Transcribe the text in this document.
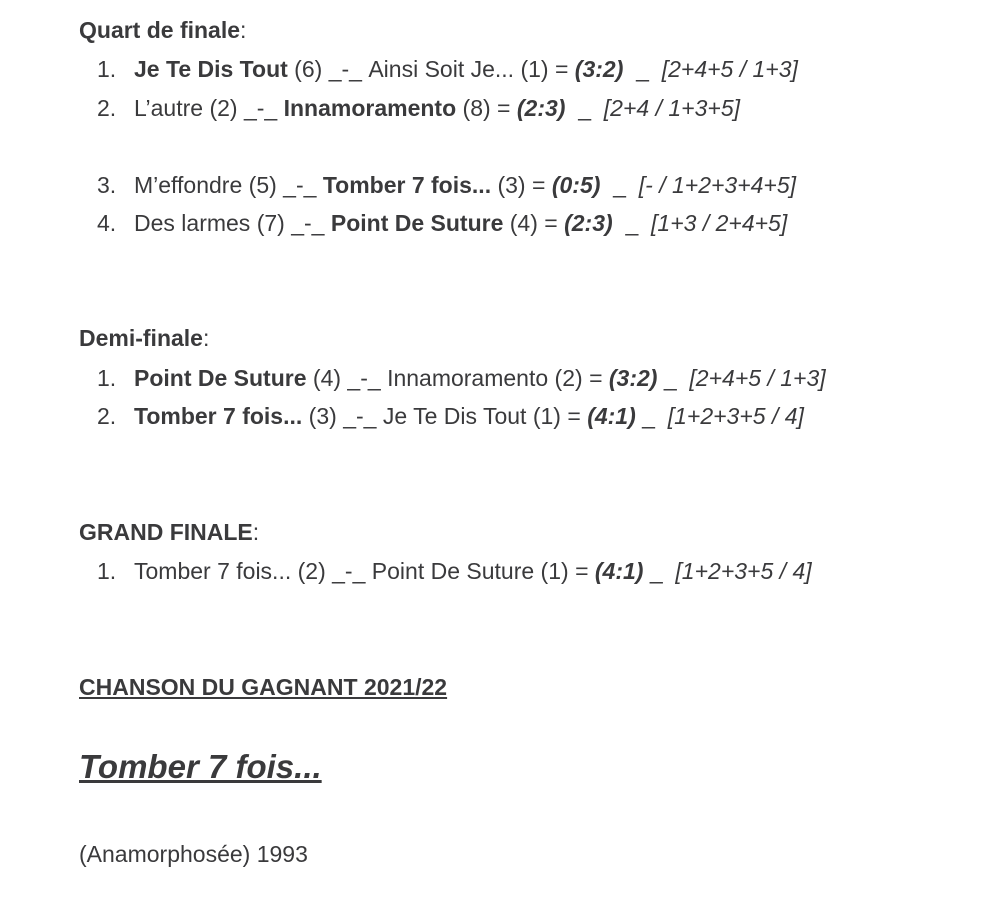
Quart de finale:
1. Je Te Dis Tout
(6)
_-_
Ainsi Soit Je...
(1)
=
(3:2)
_
[2+4+5 / 1+3]
2. L’autre
(2)
_-_
Innamoramento
(8)
=
(2:3)
_
[2+4 / 1+3+5]
3. M’effondre
(5)
_-_
Tomber 7 fois...
(3)
=
(0:5)
_
[- / 1+2+3+4+5]
4. Des larmes
(7)
_-_
Point De Suture
(4)
=
(2:3)
_
[1+3 / 2+4+5]
Demi-finale:
1. Point De Suture
(4)
_-_
Innamoramento
(2)
=
(3:2)
_
[2+4+5 / 1+3]
2. Tomber 7 fois...
(3)
_-_
Je Te Dis Tout
(1)
=
(4:1)
_
[1+2+3+5 / 4]
GRAND FINALE:
1. Tomber 7 fois...
(2)
_-_
Point De Suture
(1)
=
(4:1)
_
[1+2+3+5 / 4]
CHANSON DU GAGNANT 2021/22
Tomber 7 fois...
(Anamorphosée) 1993
